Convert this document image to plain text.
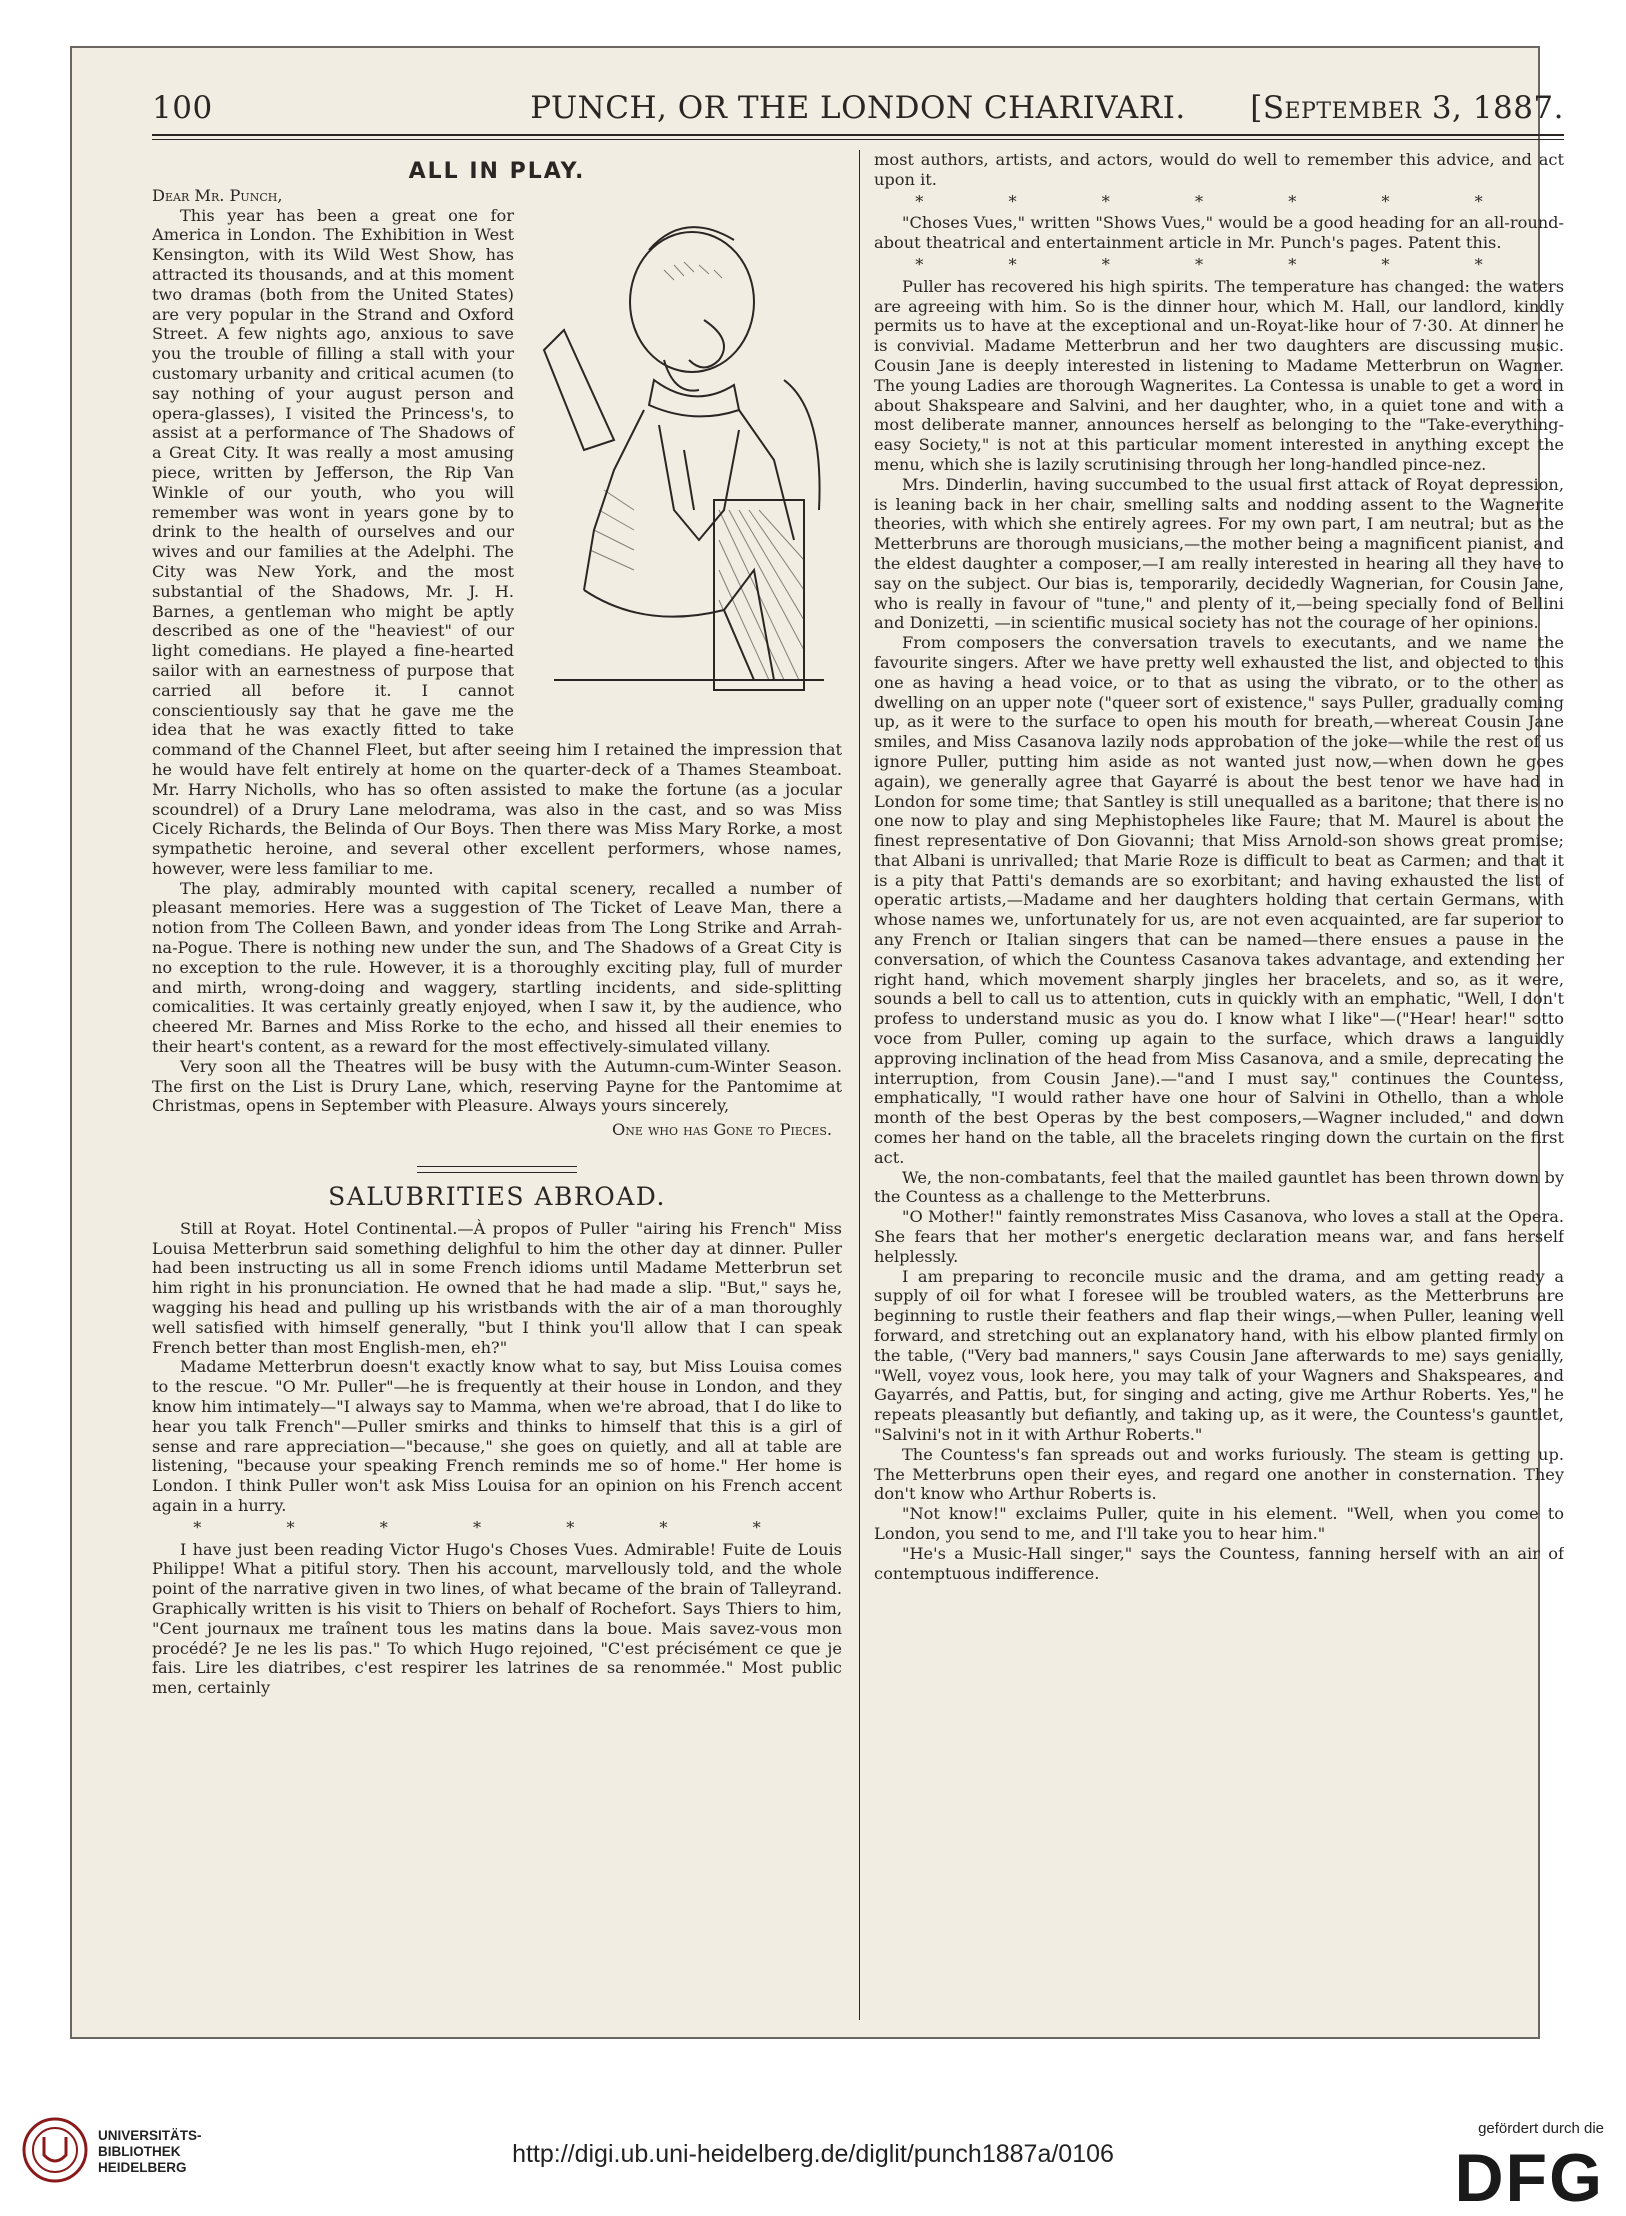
PUNCH, OR THE LONDON CHARIVARI.
100	[September 3, 1887.
ALL IN PLAY.

Dear Mr. Punch,

This year has been a great one for America in London. The Exhibition in West Kensington, with its Wild West Show, has attracted its thousands, and at this moment two dramas (both from the United States) are very popular in the Strand and Oxford Street. A few nights ago, anxious to save you the trouble of filling a stall with your customary urbanity and critical acumen (to say nothing of your august person and opera-glasses), I visited the Princess's, to assist at a performance of The Shadows of a Great City. It was really a most amusing piece, written by Jefferson, the Rip Van Winkle of our youth, who you will remember was wont in years gone by to drink to the health of ourselves and our wives and our families at the Adelphi. The City was New York, and the most substantial of the Shadows, Mr. J. H. Barnes, a gentleman who might be aptly described as one of the "heaviest" of our light comedians. He played a fine-hearted sailor with an earnestness of purpose that carried all before it. I cannot conscientiously say that he gave me the idea that he was exactly fitted to take command of the Channel Fleet, but after seeing him I retained the impression that he would have felt entirely at home on the quarter-deck of a Thames Steamboat. Mr. Harry Nicholls, who has so often assisted to make the fortune (as a jocular scoundrel) of a Drury Lane melodrama, was also in the cast, and so was Miss Cicely Richards, the Belinda of Our Boys. Then there was Miss Mary Rorke, a most sympathetic heroine, and several other excellent performers, whose names, however, were less familiar to me.

The play, admirably mounted with capital scenery, recalled a number of pleasant memories. Here was a suggestion of The Ticket of Leave Man, there a notion from The Colleen Bawn, and yonder ideas from The Long Strike and Arrah-na-Pogue. There is nothing new under the sun, and The Shadows of a Great City is no exception to the rule. However, it is a thoroughly exciting play, full of murder and mirth, wrong-doing and waggery, startling incidents, and side-splitting comicalities. It was certainly greatly enjoyed, when I saw it, by the audience, who cheered Mr. Barnes and Miss Rorke to the echo, and hissed all their enemies to their heart's content, as a reward for the most effectively-simulated villany.

Very soon all the Theatres will be busy with the Autumn-cum-Winter Season. The first on the List is Drury Lane, which, reserving Payne for the Pantomime at Christmas, opens in September with Pleasure. Always yours sincerely,

One who has Gone to Pieces.

SALUBRITIES ABROAD.

Still at Royat. Hotel Continental.—À propos of Puller "airing his French" Miss Louisa Metterbrun said something delighful to him the other day at dinner. Puller had been instructing us all in some French idioms until Madame Metterbrun set him right in his pronunciation. He owned that he had made a slip. "But," says he, wagging his head and pulling up his wristbands with the air of a man thoroughly well satisfied with himself generally, "but I think you'll allow that I can speak French better than most English-men, eh?"

Madame Metterbrun doesn't exactly know what to say, but Miss Louisa comes to the rescue. "O Mr. Puller"—he is frequently at their house in London, and they know him intimately—"I always say to Mamma, when we're abroad, that I do like to hear you talk French"—Puller smirks and thinks to himself that this is a girl of sense and rare appreciation—"because," she goes on quietly, and all at table are listening, "because your speaking French reminds me so of home." Her home is London. I think Puller won't ask Miss Louisa for an opinion on his French accent again in a hurry.

* * * * * * *

I have just been reading Victor Hugo's Choses Vues. Admirable! Fuite de Louis Philippe! What a pitiful story. Then his account, marvellously told, and the whole point of the narrative given in two lines, of what became of the brain of Talleyrand. Graphically written is his visit to Thiers on behalf of Rochefort. Says Thiers to him, "Cent journaux me traînent tous les matins dans la boue. Mais savez-vous mon procédé? Je ne les lis pas." To which Hugo rejoined, "C'est précisément ce que je fais. Lire les diatribes, c'est respirer les latrines de sa renommée." Most public men, certainly

most authors, artists, and actors, would do well to remember this advice, and act upon it.

* * * * * * *

"Choses Vues," written "Shows Vues," would be a good heading for an all-round-about theatrical and entertainment article in Mr. Punch's pages. Patent this.

* * * * * * *

Puller has recovered his high spirits. The temperature has changed: the waters are agreeing with him. So is the dinner hour, which M. Hall, our landlord, kindly permits us to have at the exceptional and un-Royat-like hour of 7·30. At dinner he is convivial. Madame Metterbrun and her two daughters are discussing music. Cousin Jane is deeply interested in listening to Madame Metterbrun on Wagner. The young Ladies are thorough Wagnerites. La Contessa is unable to get a word in about Shakspeare and Salvini, and her daughter, who, in a quiet tone and with a most deliberate manner, announces herself as belonging to the "Take-everything-easy Society," is not at this particular moment interested in anything except the menu, which she is lazily scrutinising through her long-handled pince-nez.

Mrs. Dinderlin, having succumbed to the usual first attack of Royat depression, is leaning back in her chair, smelling salts and nodding assent to the Wagnerite theories, with which she entirely agrees. For my own part, I am neutral; but as the Metterbruns are thorough musicians,—the mother being a magnificent pianist, and the eldest daughter a composer,—I am really interested in hearing all they have to say on the subject. Our bias is, temporarily, decidedly Wagnerian, for Cousin Jane, who is really in favour of "tune," and plenty of it,—being specially fond of Bellini and Donizetti, —in scientific musical society has not the courage of her opinions.

From composers the conversation travels to executants, and we name the favourite singers. After we have pretty well exhausted the list, and objected to this one as having a head voice, or to that as using the vibrato, or to the other as dwelling on an upper note ("queer sort of existence," says Puller, gradually coming up, as it were to the surface to open his mouth for breath,—whereat Cousin Jane smiles, and Miss Casanova lazily nods approbation of the joke—while the rest of us ignore Puller, putting him aside as not wanted just now,—when down he goes again), we generally agree that Gayarré is about the best tenor we have had in London for some time; that Santley is still unequalled as a baritone; that there is no one now to play and sing Mephistopheles like Faure; that M. Maurel is about the finest representative of Don Giovanni; that Miss Arnold-son shows great promise; that Albani is unrivalled; that Marie Roze is difficult to beat as Carmen; and that it is a pity that Patti's demands are so exorbitant; and having exhausted the list of operatic artists,—Madame and her daughters holding that certain Germans, with whose names we, unfortunately for us, are not even acquainted, are far superior to any French or Italian singers that can be named—there ensues a pause in the conversation, of which the Countess Casanova takes advantage, and extending her right hand, which movement sharply jingles her bracelets, and so, as it were, sounds a bell to call us to attention, cuts in quickly with an emphatic, "Well, I don't profess to understand music as you do. I know what I like"—("Hear! hear!" sotto voce from Puller, coming up again to the surface, which draws a languidly approving inclination of the head from Miss Casanova, and a smile, deprecating the interruption, from Cousin Jane).—"and I must say," continues the Countess, emphatically, "I would rather have one hour of Salvini in Othello, than a whole month of the best Operas by the best composers,—Wagner included," and down comes her hand on the table, all the bracelets ringing down the curtain on the first act.

We, the non-combatants, feel that the mailed gauntlet has been thrown down by the Countess as a challenge to the Metterbruns.

"O Mother!" faintly remonstrates Miss Casanova, who loves a stall at the Opera. She fears that her mother's energetic declaration means war, and fans herself helplessly.

I am preparing to reconcile music and the drama, and am getting ready a supply of oil for what I foresee will be troubled waters, as the Metterbruns are beginning to rustle their feathers and flap their wings,—when Puller, leaning well forward, and stretching out an explanatory hand, with his elbow planted firmly on the table, ("Very bad manners," says Cousin Jane afterwards to me) says genially, "Well, voyez vous, look here, you may talk of your Wagners and Shakspeares, and Gayarrés, and Pattis, but, for singing and acting, give me Arthur Roberts. Yes," he repeats pleasantly but defiantly, and taking up, as it were, the Countess's gauntlet, "Salvini's not in it with Arthur Roberts."

The Countess's fan spreads out and works furiously. The steam is getting up. The Metterbruns open their eyes, and regard one another in consternation. They don't know who Arthur Roberts is.

"Not know!" exclaims Puller, quite in his element. "Well, when you come to London, you send to me, and I'll take you to hear him."

"He's a Music-Hall singer," says the Countess, fanning herself with an air of contemptuous indifference.

UNIVERSITÄTS-
BIBLIOTHEK
HEIDELBERG	http://digi.ub.uni-heidelberg.de/diglit/punch1887a/0106
gefördert durch die
DFG
